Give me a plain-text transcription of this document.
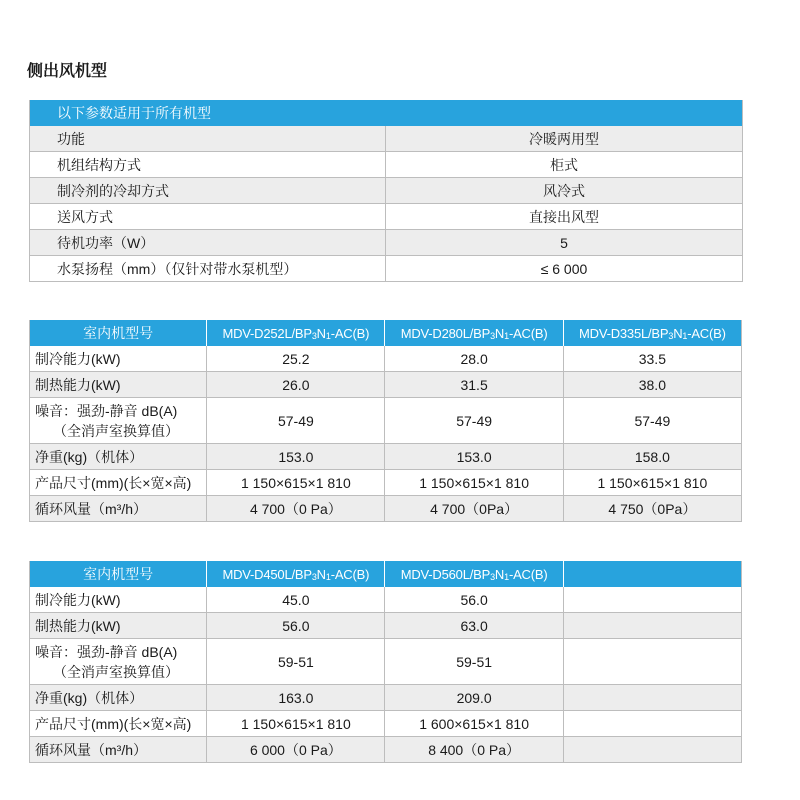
侧出风机型
以下参数适用于所有机型	
功能	冷暖两用型
机组结构方式	柜式
制冷剂的冷却方式	风冷式
送风方式	直接出风型
待机功率（W）	5
水泵扬程（mm）（仅针对带水泵机型）	≤ 6 000
室内机型号	MDV-$D252L/BP_3N_1-AC(B)$	MDV-$D280L/BP_3N_1-AC(B)$	MDV-$D335L/BP_3N_1-AC(B)$
制冷能力(kW)	25.2	28.0	33.5
制热能力(kW)	26.0	31.5	38.0
噪音：强劲-静音 dB(A)
（全消声室换算值）	57-49	57-49	57-49
净重(kg)（机体）	153.0	153.0	158.0
产品尺寸(mm)(长×宽×高)	1 150×615×1 810	1 150×615×1 810	1 150×615×1 810
循环风量（m³/h）	4 700（0 Pa）	4 700（0Pa）	4 750（0Pa）
室内机型号	MDV-$D450L/BP_3N_1-AC(B)$	MDV-$D560L/BP_3N_1-AC(B)$	
制冷能力(kW)	45.0	56.0	
制热能力(kW)	56.0	63.0	
噪音：强劲-静音 dB(A)
（全消声室换算值）	59-51	59-51	
净重(kg)（机体）	163.0	209.0	
产品尺寸(mm)(长×宽×高)	1 150×615×1 810	1 600×615×1 810	
循环风量（m³/h）	6 000（0 Pa）	8 400（0 Pa）	
